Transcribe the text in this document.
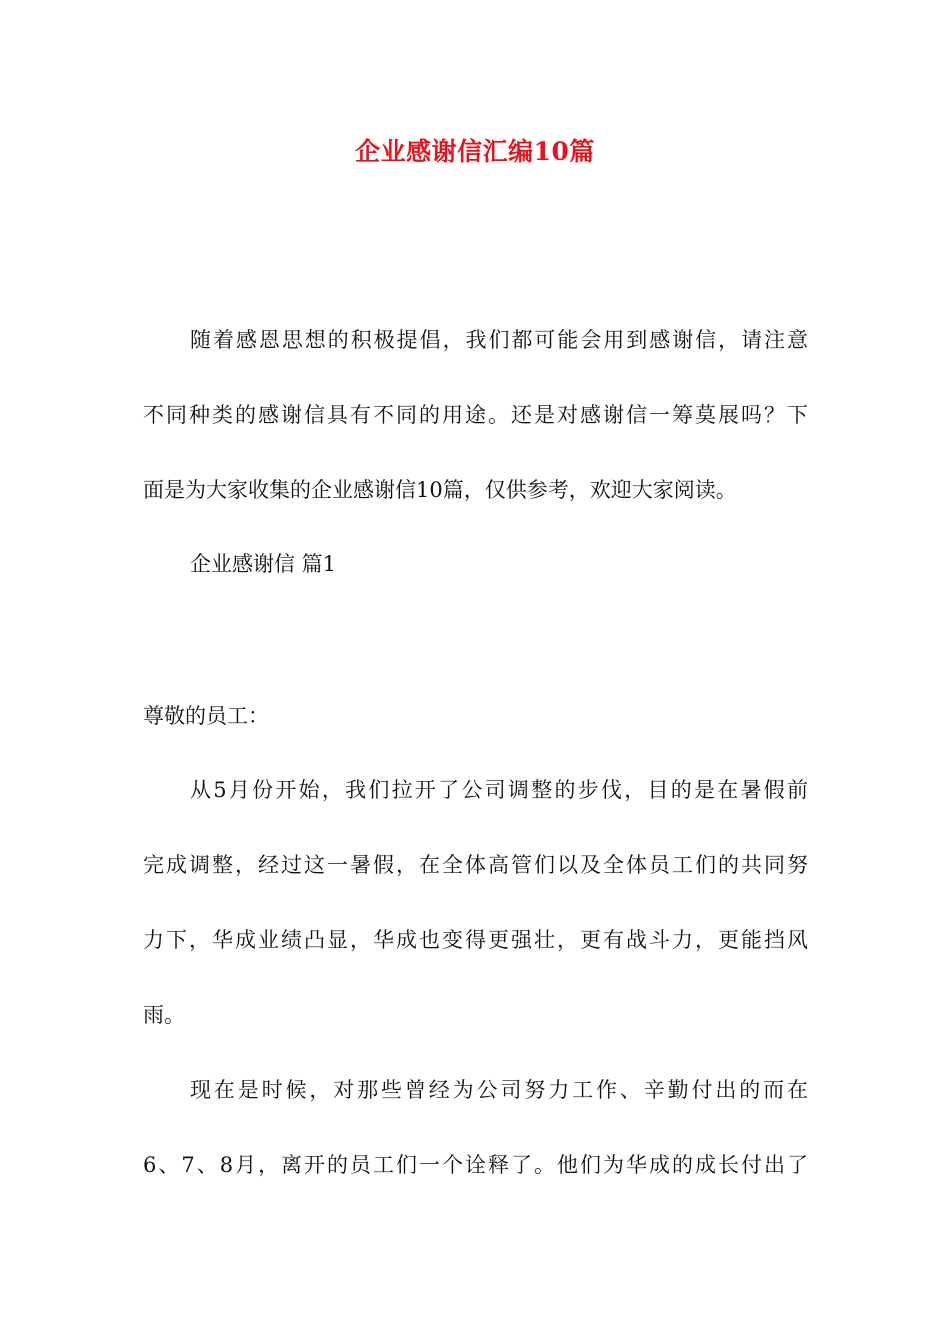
企业感谢信汇编10篇
随着感恩思想的积极提倡，我们都可能会用到感谢信，请注意
不同种类的感谢信具有不同的用途。还是对感谢信一筹莫展吗？下
面是为大家收集的企业感谢信10篇，仅供参考，欢迎大家阅读。
企业感谢信 篇1
尊敬的员工：
从5月份开始，我们拉开了公司调整的步伐，目的是在暑假前
完成调整，经过这一暑假，在全体高管们以及全体员工们的共同努
力下，华成业绩凸显，华成也变得更强壮，更有战斗力，更能挡风
雨。
现在是时候，对那些曾经为公司努力工作、辛勤付出的而在
6、7、8月，离开的员工们一个诠释了。他们为华成的成长付出了
